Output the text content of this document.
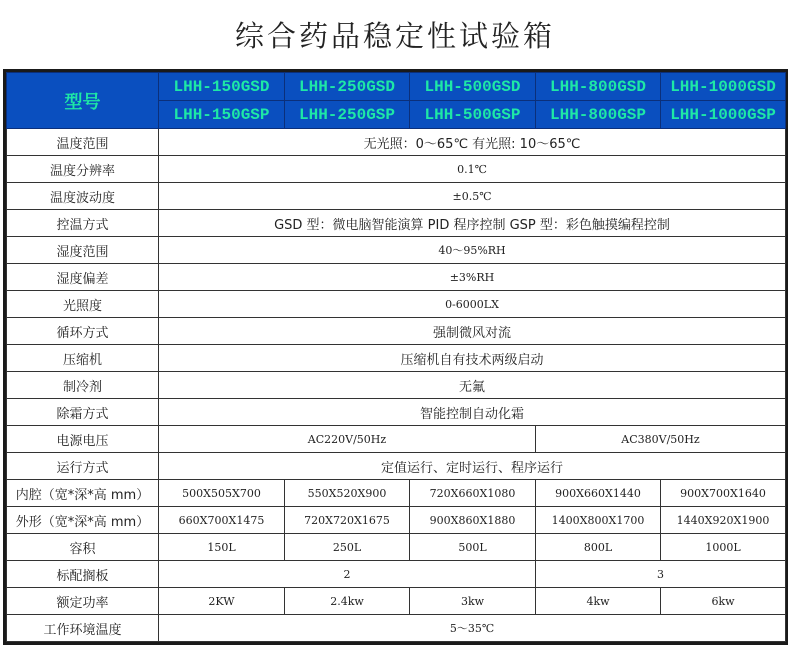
综合药品稳定性试验箱
型号	LHH-150GSD	LHH-250GSD	LHH-500GSD	LHH-800GSD	LHH-1000GSD
	LHH-150GSP	LHH-250GSP	LHH-500GSP	LHH-800GSP	LHH-1000GSP
温度范围	无光照：0～65℃ 有光照: 10～65℃				
温度分辨率	0.1℃				
温度波动度	±0.5℃				
控温方式	GSD 型：微电脑智能演算 PID 程序控制 GSP 型：彩色触摸编程控制				
湿度范围	40～95%RH				
湿度偏差	±3%RH				
光照度	0-6000LX				
循环方式	强制微风对流				
压缩机	压缩机自有技术两级启动				
制冷剂	无氟				
除霜方式	智能控制自动化霜				
电源电压	AC220V/50Hz			AC380V/50Hz	
运行方式	定值运行、定时运行、程序运行				
内腔（宽*深*高 mm）	500X505X700	550X520X900	720X660X1080	900X660X1440	900X700X1640
外形（宽*深*高 mm）	660X700X1475	720X720X1675	900X860X1880	1400X800X1700	1440X920X1900
容积	150L	250L	500L	800L	1000L
标配搁板	2			3	
额定功率	2KW	2.4kw	3kw	4kw	6kw
工作环境温度	5～35℃				
